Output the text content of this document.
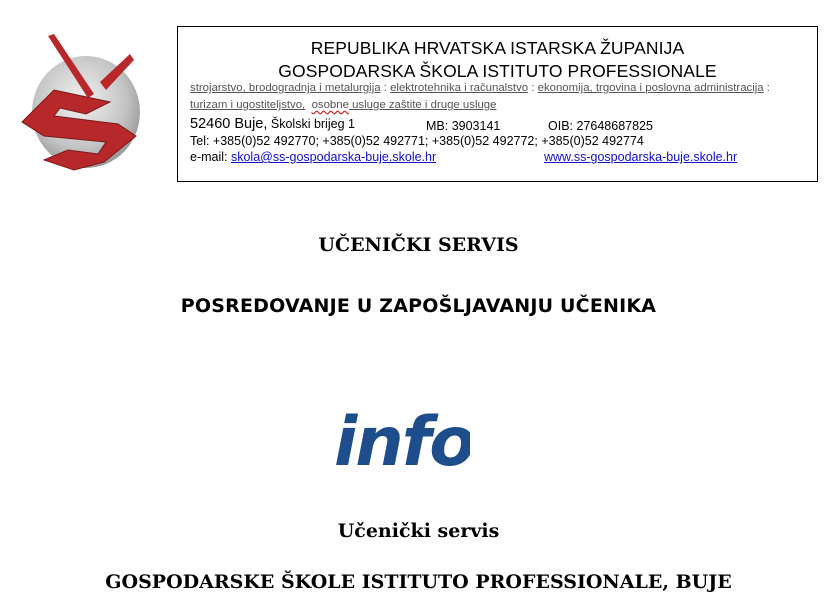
REPUBLIKA HRVATSKA ISTARSKA ŽUPANIJA
GOSPODARSKA ŠKOLA ISTITUTO PROFESSIONALE
strojarstvo, brodogradnja i metalurgija : elektrotehnika i računalstvo : ekonomija, trgovina i poslovna administracija :
turizam i ugostiteljstvo, osobne usluge zaštite i druge usluge
52460 Buje, Školski brijeg 1	MB: 3903141	OIB: 27648687825
Tel: +385(0)52 492770; +385(0)52 492771; +385(0)52 492772; +385(0)52 492774
e-mail: skola@ss-gospodarska-buje.skole.hr	www.ss-gospodarska-buje.skole.hr
UČENIČKI SERVIS
POSREDOVANJE U ZAPOŠLJAVANJU UČENIKA
info
Učenički servis
GOSPODARSKE ŠKOLE ISTITUTO PROFESSIONALE, BUJE
